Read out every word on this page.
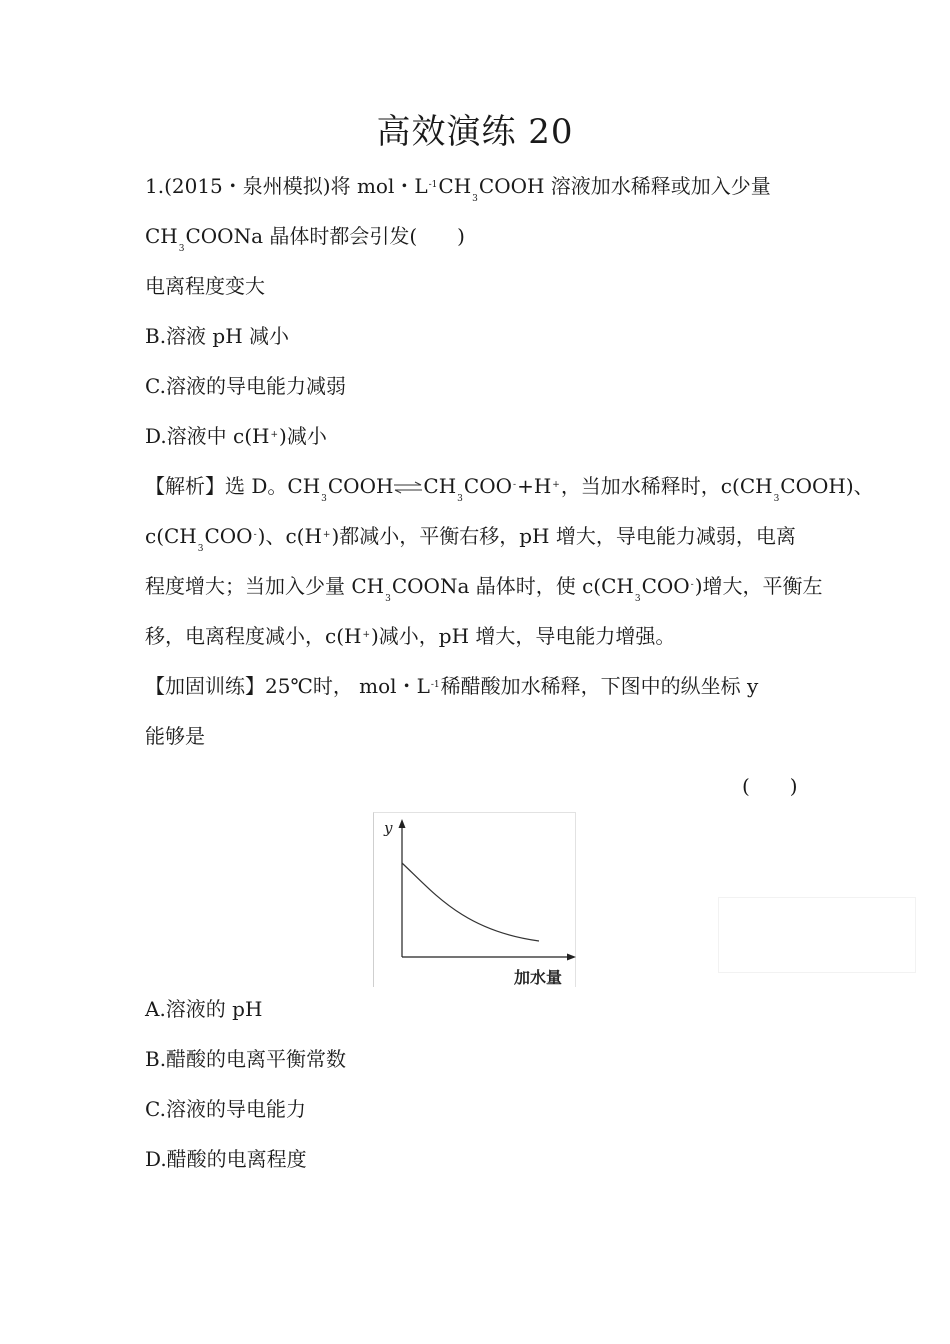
高效演练 20
1.(2015・泉州模拟)将 mol・$L^{-1}CH_3COOH$ 溶液加水稀释或加入少量
$CH_3COONa$ 晶体时都会引发(　　)
电离程度变大
B.溶液 pH 减小
C.溶液的导电能力减弱
D.溶液中 c(H+)减小
【解析】选 D。$CH_3COOH\rightleftharpoons CH_3COO^-+H^+$，当加水稀释时，$c(CH_3COOH)$、
$c(CH_3COO^-)$、c(H+)都减小，平衡右移，pH 增大，导电能力减弱，电离
程度增大；当加入少量 $CH_3COONa$ 晶体时，使 $c(CH_3COO^-)$增大，平衡左
移，电离程度减小，c(H+)减小，pH 增大，导电能力增强。
【加固训练】25℃时， mol・$L^{-1}$稀醋酸加水稀释，下图中的纵坐标 y
能够是
(　　)
y
加水量
A.溶液的 pH
B.醋酸的电离平衡常数
C.溶液的导电能力
D.醋酸的电离程度
